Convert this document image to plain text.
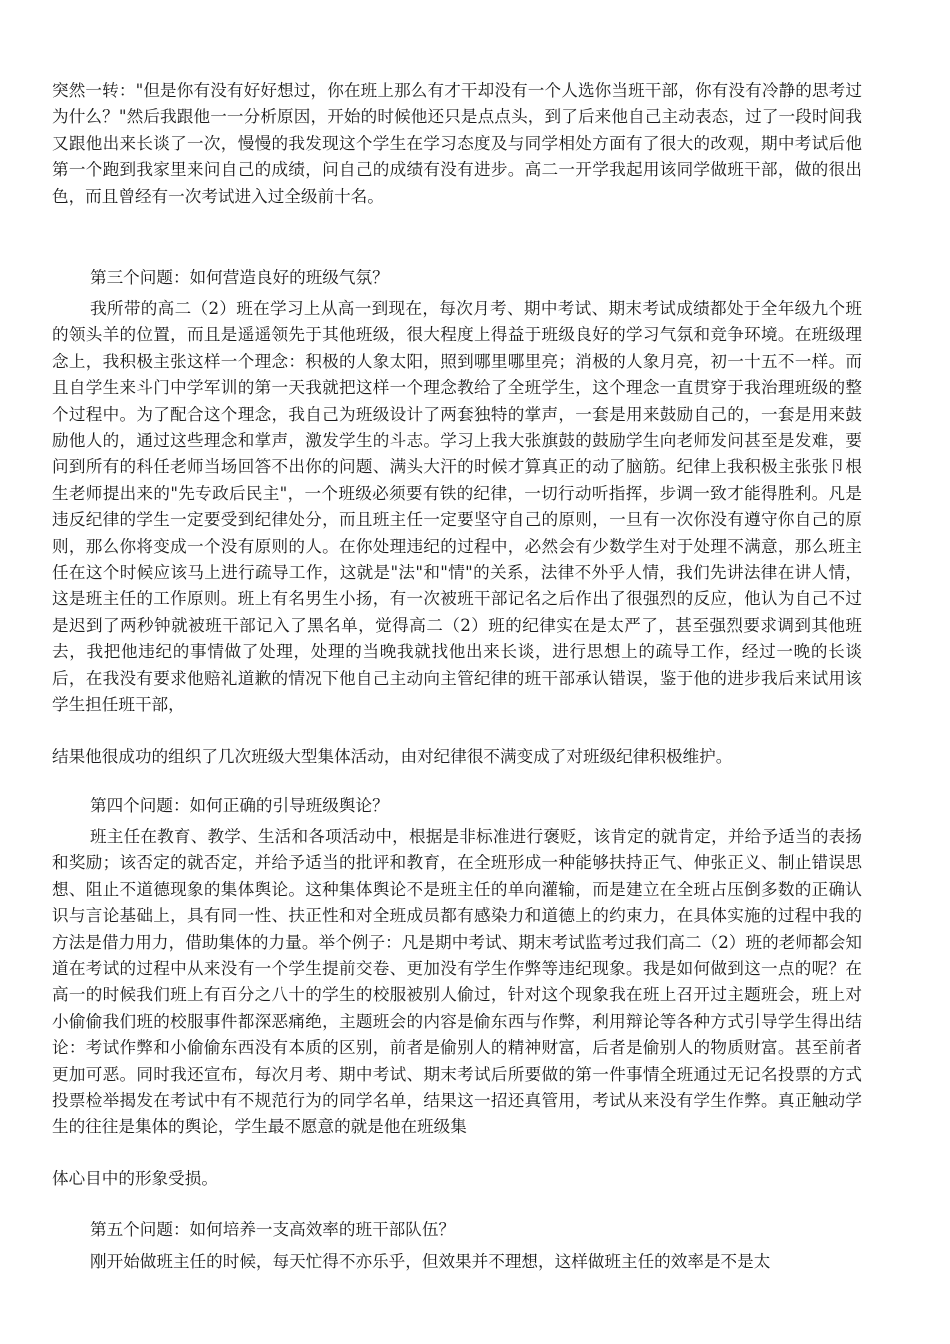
突然一转："但是你有没有好好想过，你在班上那么有才干却没有一个人选你当班干部，你有没有冷静的思考过为什么？"然后我跟他一一分析原因，开始的时候他还只是点点头，到了后来他自己主动表态，过了一段时间我又跟他出来长谈了一次，慢慢的我发现这个学生在学习态度及与同学相处方面有了很大的改观，期中考试后他第一个跑到我家里来问自己的成绩，问自己的成绩有没有进步。高二一开学我起用该同学做班干部，做的很出色，而且曾经有一次考试进入过全级前十名。

第三个问题：如何营造良好的班级气氛？

我所带的高二（2）班在学习上从高一到现在，每次月考、期中考试、期末考试成绩都处于全年级九个班的领头羊的位置，而且是遥遥领先于其他班级，很大程度上得益于班级良好的学习气氛和竞争环境。在班级理念上，我积极主张这样一个理念：积极的人象太阳，照到哪里哪里亮；消极的人象月亮，初一十五不一样。而且自学生来斗门中学军训的第一天我就把这样一个理念教给了全班学生，这个理念一直贯穿于我治理班级的整个过程中。为了配合这个理念，我自己为班级设计了两套独特的掌声，一套是用来鼓励自己的，一套是用来鼓励他人的，通过这些理念和掌声，激发学生的斗志。学习上我大张旗鼓的鼓励学生向老师发问甚至是发难，要问到所有的科任老师当场回答不出你的问题、满头大汗的时候才算真正的动了脑筋。纪律上我积极主张张卪根生老师提出来的"先专政后民主"，一个班级必须要有铁的纪律，一切行动听指挥，步调一致才能得胜利。凡是违反纪律的学生一定要受到纪律处分，而且班主任一定要坚守自己的原则，一旦有一次你没有遵守你自己的原则，那么你将变成一个没有原则的人。在你处理违纪的过程中，必然会有少数学生对于处理不满意，那么班主任在这个时候应该马上进行疏导工作，这就是"法"和"情"的关系，法律不外乎人情，我们先讲法律在讲人情，这是班主任的工作原则。班上有名男生小扬，有一次被班干部记名之后作出了很强烈的反应，他认为自己不过是迟到了两秒钟就被班干部记入了黑名单，觉得高二（2）班的纪律实在是太严了，甚至强烈要求调到其他班去，我把他违纪的事情做了处理，处理的当晚我就找他出来长谈，进行思想上的疏导工作，经过一晚的长谈后，在我没有要求他赔礼道歉的情况下他自己主动向主管纪律的班干部承认错误，鉴于他的进步我后来试用该学生担任班干部，

结果他很成功的组织了几次班级大型集体活动，由对纪律很不满变成了对班级纪律积极维护。

第四个问题：如何正确的引导班级舆论？

班主任在教育、教学、生活和各项活动中，根据是非标准进行褒贬，该肯定的就肯定，并给予适当的表扬和奖励；该否定的就否定，并给予适当的批评和教育，在全班形成一种能够扶持正气、伸张正义、制止错误思想、阻止不道德现象的集体舆论。这种集体舆论不是班主任的单向灌输，而是建立在全班占压倒多数的正确认识与言论基础上，具有同一性、扶正性和对全班成员都有感染力和道德上的约束力，在具体实施的过程中我的方法是借力用力，借助集体的力量。举个例子：凡是期中考试、期末考试监考过我们高二（2）班的老师都会知道在考试的过程中从来没有一个学生提前交卷、更加没有学生作弊等违纪现象。我是如何做到这一点的呢？在高一的时候我们班上有百分之八十的学生的校服被别人偷过，针对这个现象我在班上召开过主题班会，班上对小偷偷我们班的校服事件都深恶痛绝，主题班会的内容是偷东西与作弊，利用辩论等各种方式引导学生得出结论：考试作弊和小偷偷东西没有本质的区别，前者是偷别人的精神财富，后者是偷别人的物质财富。甚至前者更加可恶。同时我还宣布，每次月考、期中考试、期末考试后所要做的第一件事情全班通过无记名投票的方式投票检举揭发在考试中有不规范行为的同学名单，结果这一招还真管用，考试从来没有学生作弊。真正触动学生的往往是集体的舆论，学生最不愿意的就是他在班级集

体心目中的形象受损。

第五个问题：如何培养一支高效率的班干部队伍？

刚开始做班主任的时候，每天忙得不亦乐乎，但效果并不理想，这样做班主任的效率是不是太
